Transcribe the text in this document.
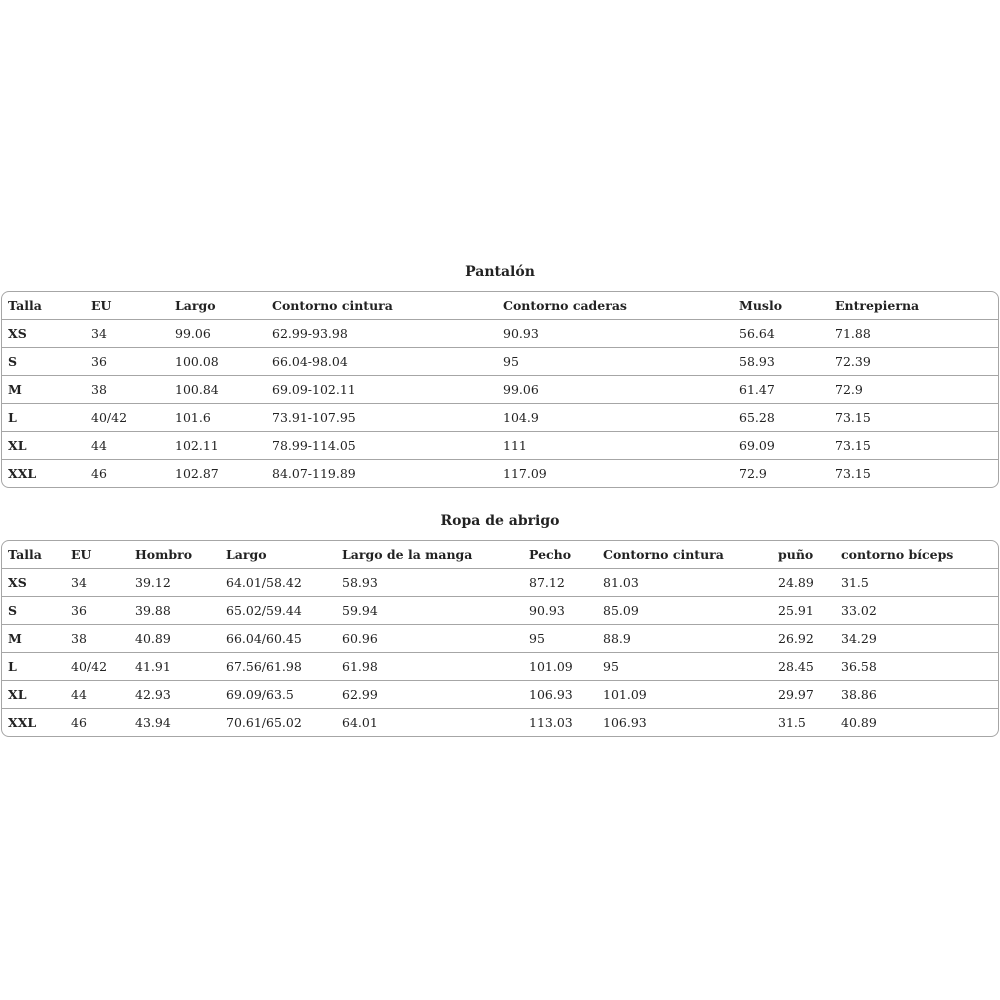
Pantalón
Talla	EU	Largo	Contorno cintura	Contorno caderas	Muslo	Entrepierna
XS	34	99.06	62.99-93.98	90.93	56.64	71.88
S	36	100.08	66.04-98.04	95	58.93	72.39
M	38	100.84	69.09-102.11	99.06	61.47	72.9
L	40/42	101.6	73.91-107.95	104.9	65.28	73.15
XL	44	102.11	78.99-114.05	111	69.09	73.15
XXL	46	102.87	84.07-119.89	117.09	72.9	73.15
Ropa de abrigo
Talla	EU	Hombro	Largo	Largo de la manga	Pecho	Contorno cintura	puño	contorno bíceps
XS	34	39.12	64.01/58.42	58.93	87.12	81.03	24.89	31.5
S	36	39.88	65.02/59.44	59.94	90.93	85.09	25.91	33.02
M	38	40.89	66.04/60.45	60.96	95	88.9	26.92	34.29
L	40/42	41.91	67.56/61.98	61.98	101.09	95	28.45	36.58
XL	44	42.93	69.09/63.5	62.99	106.93	101.09	29.97	38.86
XXL	46	43.94	70.61/65.02	64.01	113.03	106.93	31.5	40.89
